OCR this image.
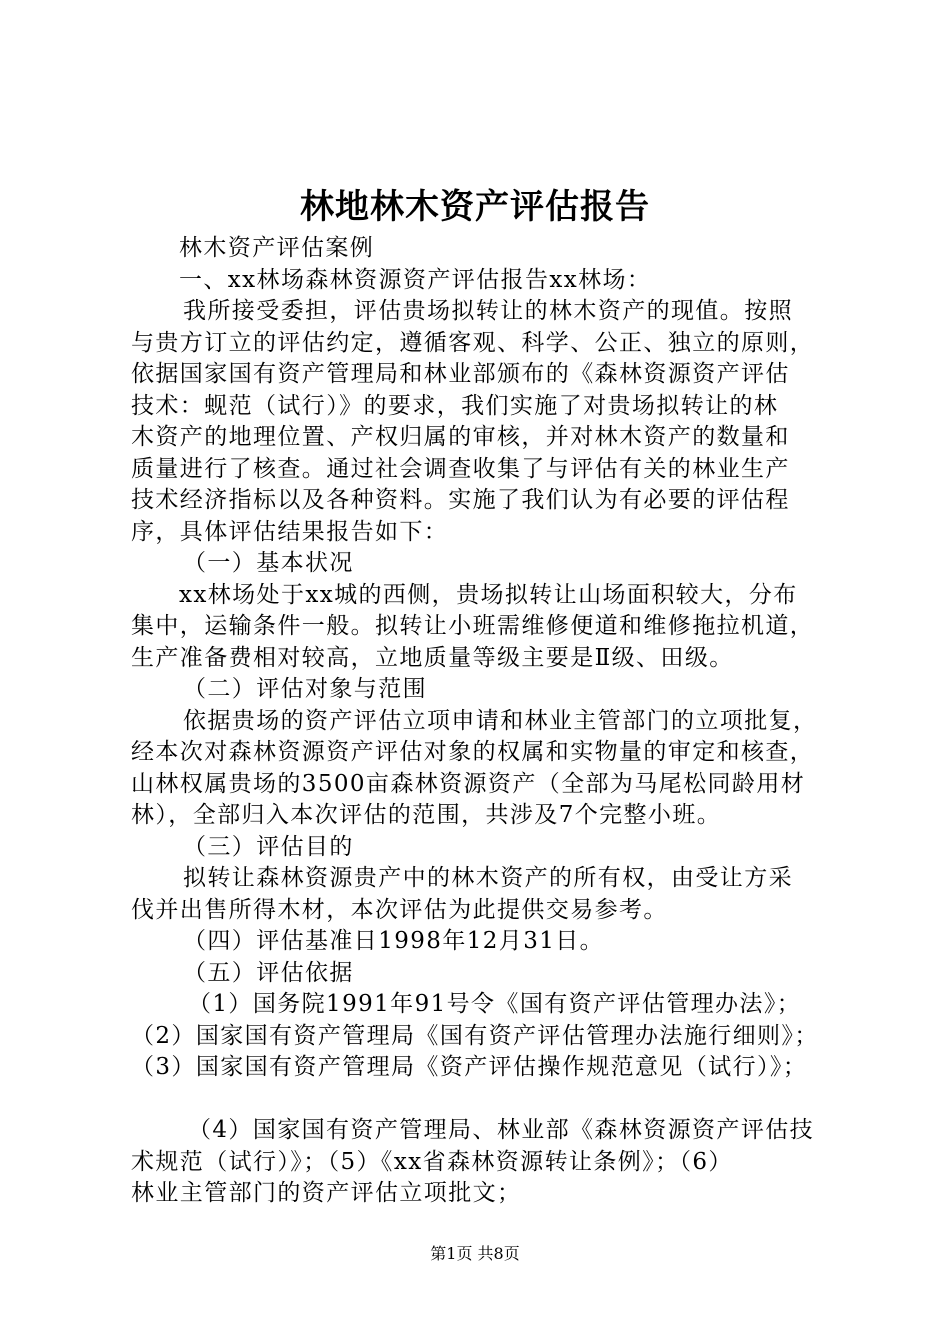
林地林木资产评估报告

林木资产评估案例

一、xx林场森林资源资产评估报告xx林场：

我所接受委担，评估贵场拟转让的林木资产的现值。按照

与贵方订立的评估约定，遵循客观、科学、公正、独立的原则，

依据国家国有资产管理局和林业部颁布的《森林资源资产评估

技术：蚬范（试行）》的要求，我们实施了对贵场拟转让的林

木资产的地理位置、产权归属的审核，并对林木资产的数量和

质量进行了核查。通过社会调查收集了与评估有关的林业生产

技术经济指标以及各种资料。实施了我们认为有必要的评估程

序，具体评估结果报告如下：

（一）基本状况

xx林场处于xx城的西侧，贵场拟转让山场面积较大，分布

集中，运输条件一般。拟转让小班需维修便道和维修拖拉机道，

生产准备费相对较高，立地质量等级主要是Ⅱ级、田级。

（二）评估对象与范围

依据贵场的资产评估立项申请和林业主管部门的立项批复，

经本次对森林资源资产评估对象的权属和实物量的审定和核查，

山林权属贵场的3500亩森林资源资产（全部为马尾松同龄用材

林），全部归入本次评估的范围，共涉及7个完整小班。

（三）评估目的

拟转让森林资源贵产中的林木资产的所有权，由受让方采

伐并出售所得木材，本次评估为此提供交易参考。

（四）评估基准日1998年12月31日。

（五）评估依据

（1）国务院1991年91号令《国有资产评估管理办法》；

（2）国家国有资产管理局《国有资产评估管理办法施行细则》；

（3）国家国有资产管理局《资产评估操作规范意见（试行）》；

（4）国家国有资产管理局、林业部《森林资源资产评估技

术规范（试行）》；（5）《xx省森林资源转让条例》；（6）

林业主管部门的资产评估立项批文；

第1页 共8页
